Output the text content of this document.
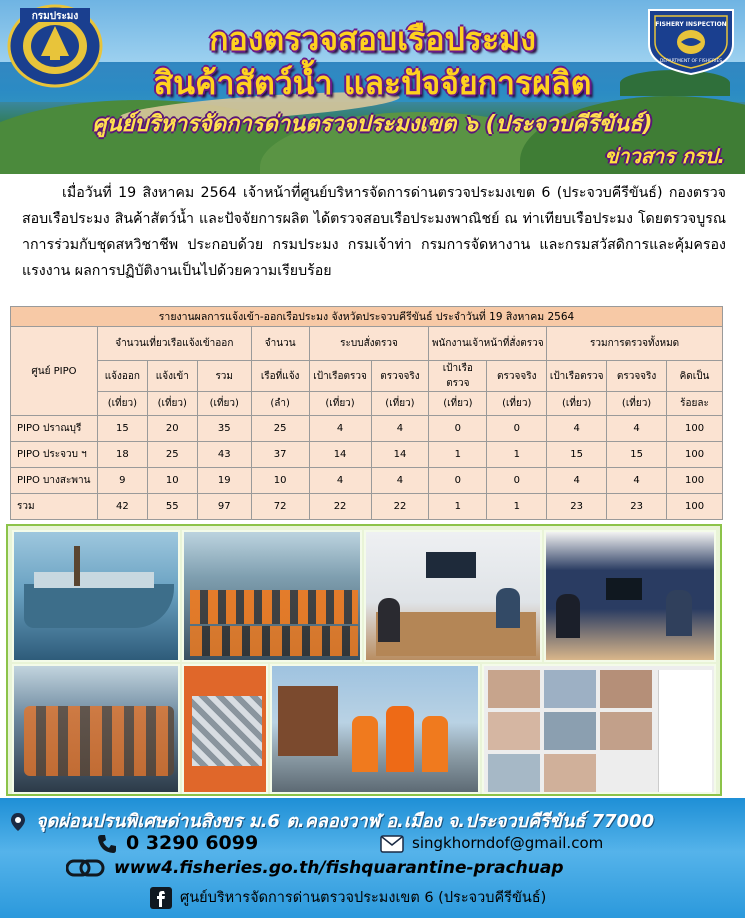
กรมประมง
FISHERY INSPECTION
DEPARTMENT OF FISHERIES
กองตรวจสอบเรือประมง
สินค้าสัตว์น้ำ และปัจจัยการผลิต
ศูนย์บริหารจัดการด่านตรวจประมงเขต ๖ (ประจวบคีรีขันธ์)
ข่าวสาร กรป.

เมื่อวันที่ 19 สิงหาคม 2564 เจ้าหน้าที่ศูนย์บริหารจัดการด่านตรวจประมงเขต 6 (ประจวบคีรีขันธ์) กองตรวจสอบเรือประมง สินค้าสัตว์น้ำ และปัจจัยการผลิต ได้ตรวจสอบเรือประมงพาณิชย์ ณ ท่าเทียบเรือประมง โดยตรวจบูรณาการร่วมกับชุดสหวิชาชีพ ประกอบด้วย กรมประมง กรมเจ้าท่า กรมการจัดหางาน และกรมสวัสดิการและคุ้มครองแรงงาน ผลการปฏิบัติงานเป็นไปด้วยความเรียบร้อย

รายงานผลการแจ้งเข้า-ออกเรือประมง จังหวัดประจวบคีรีขันธ์ ประจำวันที่ 19 สิงหาคม 2564											
ศูนย์ PIPO	จำนวนเที่ยวเรือแจ้งเข้าออก			จำนวน	ระบบสั่งตรวจ		พนักงานเจ้าหน้าที่สั่งตรวจ		รวมการตรวจทั้งหมด		
	แจ้งออก	แจ้งเข้า	รวม	เรือที่แจ้ง	เป้าเรือตรวจ	ตรวจจริง	เป้าเรือตรวจ	ตรวจจริง	เป้าเรือตรวจ	ตรวจจริง	คิดเป็น
	(เที่ยว)	(เที่ยว)	(เที่ยว)	(ลำ)	(เที่ยว)	(เที่ยว)	(เที่ยว)	(เที่ยว)	(เที่ยว)	(เที่ยว)	ร้อยละ
PIPO ปราณบุรี	15	20	35	25	4	4	0	0	4	4	100
PIPO ประจวบ ฯ	18	25	43	37	14	14	1	1	15	15	100
PIPO บางสะพาน	9	10	19	10	4	4	0	0	4	4	100
รวม	42	55	97	72	22	22	1	1	23	23	100
จุดผ่อนปรนพิเศษด่านสิงขร ม.6 ต.คลองวาฬ อ.เมือง จ.ประจวบคีรีขันธ์ 77000
0 3290 6099	singkhorndof@gmail.com
www4.fisheries.go.th/fishquarantine-prachuap
ศูนย์บริหารจัดการด่านตรวจประมงเขต 6 (ประจวบคีรีขันธ์)
